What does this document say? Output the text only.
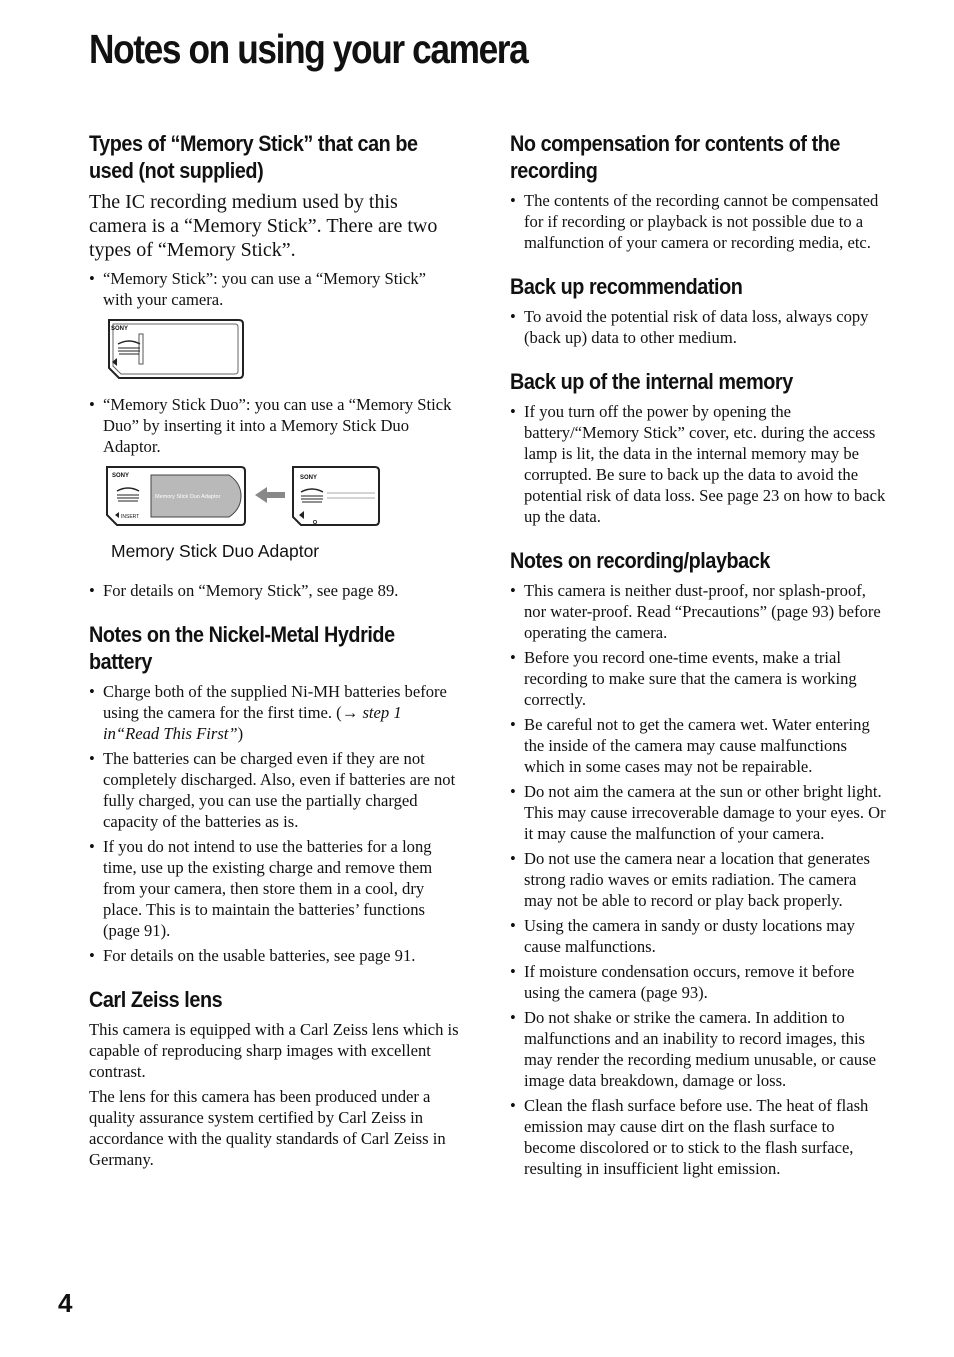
Notes on using your camera
Types of “Memory Stick” that can be used (not supplied)

The IC recording medium used by this camera is a “Memory Stick”. There are two types of “Memory Stick”.

• “Memory Stick”: you can use a “Memory Stick” with your camera.
SONY
• “Memory Stick Duo”: you can use a “Memory Stick Duo” by inserting it into a Memory Stick Duo Adaptor.
Memory Stick Duo Adaptor
SONY
INSERT
SONY
Memory Stick Duo Adaptor
• For details on “Memory Stick”, see page 89.
Notes on the Nickel-Metal Hydride battery
• Charge both of the supplied Ni-MH batteries before using the camera for the first time. (→ step 1 in“Read This First”)
• The batteries can be charged even if they are not completely discharged. Also, even if batteries are not fully charged, you can use the partially charged capacity of the batteries as is.
• If you do not intend to use the batteries for a long time, use up the existing charge and remove them from your camera, then store them in a cool, dry place. This is to maintain the batteries’ functions (page 91).
• For details on the usable batteries, see page 91.
Carl Zeiss lens

This camera is equipped with a Carl Zeiss lens which is capable of reproducing sharp images with excellent contrast.

The lens for this camera has been produced under a quality assurance system certified by Carl Zeiss in accordance with the quality standards of Carl Zeiss in Germany.

No compensation for contents of the recording
• The contents of the recording cannot be compensated for if recording or playback is not possible due to a malfunction of your camera or recording media, etc.
Back up recommendation
• To avoid the potential risk of data loss, always copy (back up) data to other medium.
Back up of the internal memory
• If you turn off the power by opening the battery/“Memory Stick” cover, etc. during the access lamp is lit, the data in the internal memory may be corrupted. Be sure to back up the data to avoid the potential risk of data loss. See page 23 on how to back up the data.
Notes on recording/playback
• This camera is neither dust-proof, nor splash-proof, nor water-proof. Read “Precautions” (page 93) before operating the camera.
• Before you record one-time events, make a trial recording to make sure that the camera is working correctly.
• Be careful not to get the camera wet. Water entering the inside of the camera may cause malfunctions which in some cases may not be repairable.
• Do not aim the camera at the sun or other bright light. This may cause irrecoverable damage to your eyes. Or it may cause the malfunction of your camera.
• Do not use the camera near a location that generates strong radio waves or emits radiation. The camera may not be able to record or play back properly.
• Using the camera in sandy or dusty locations may cause malfunctions.
• If moisture condensation occurs, remove it before using the camera (page 93).
• Do not shake or strike the camera. In addition to malfunctions and an inability to record images, this may render the recording medium unusable, or cause image data breakdown, damage or loss.
• Clean the flash surface before use. The heat of flash emission may cause dirt on the flash surface to become discolored or to stick to the flash surface, resulting in insufficient light emission.
4
